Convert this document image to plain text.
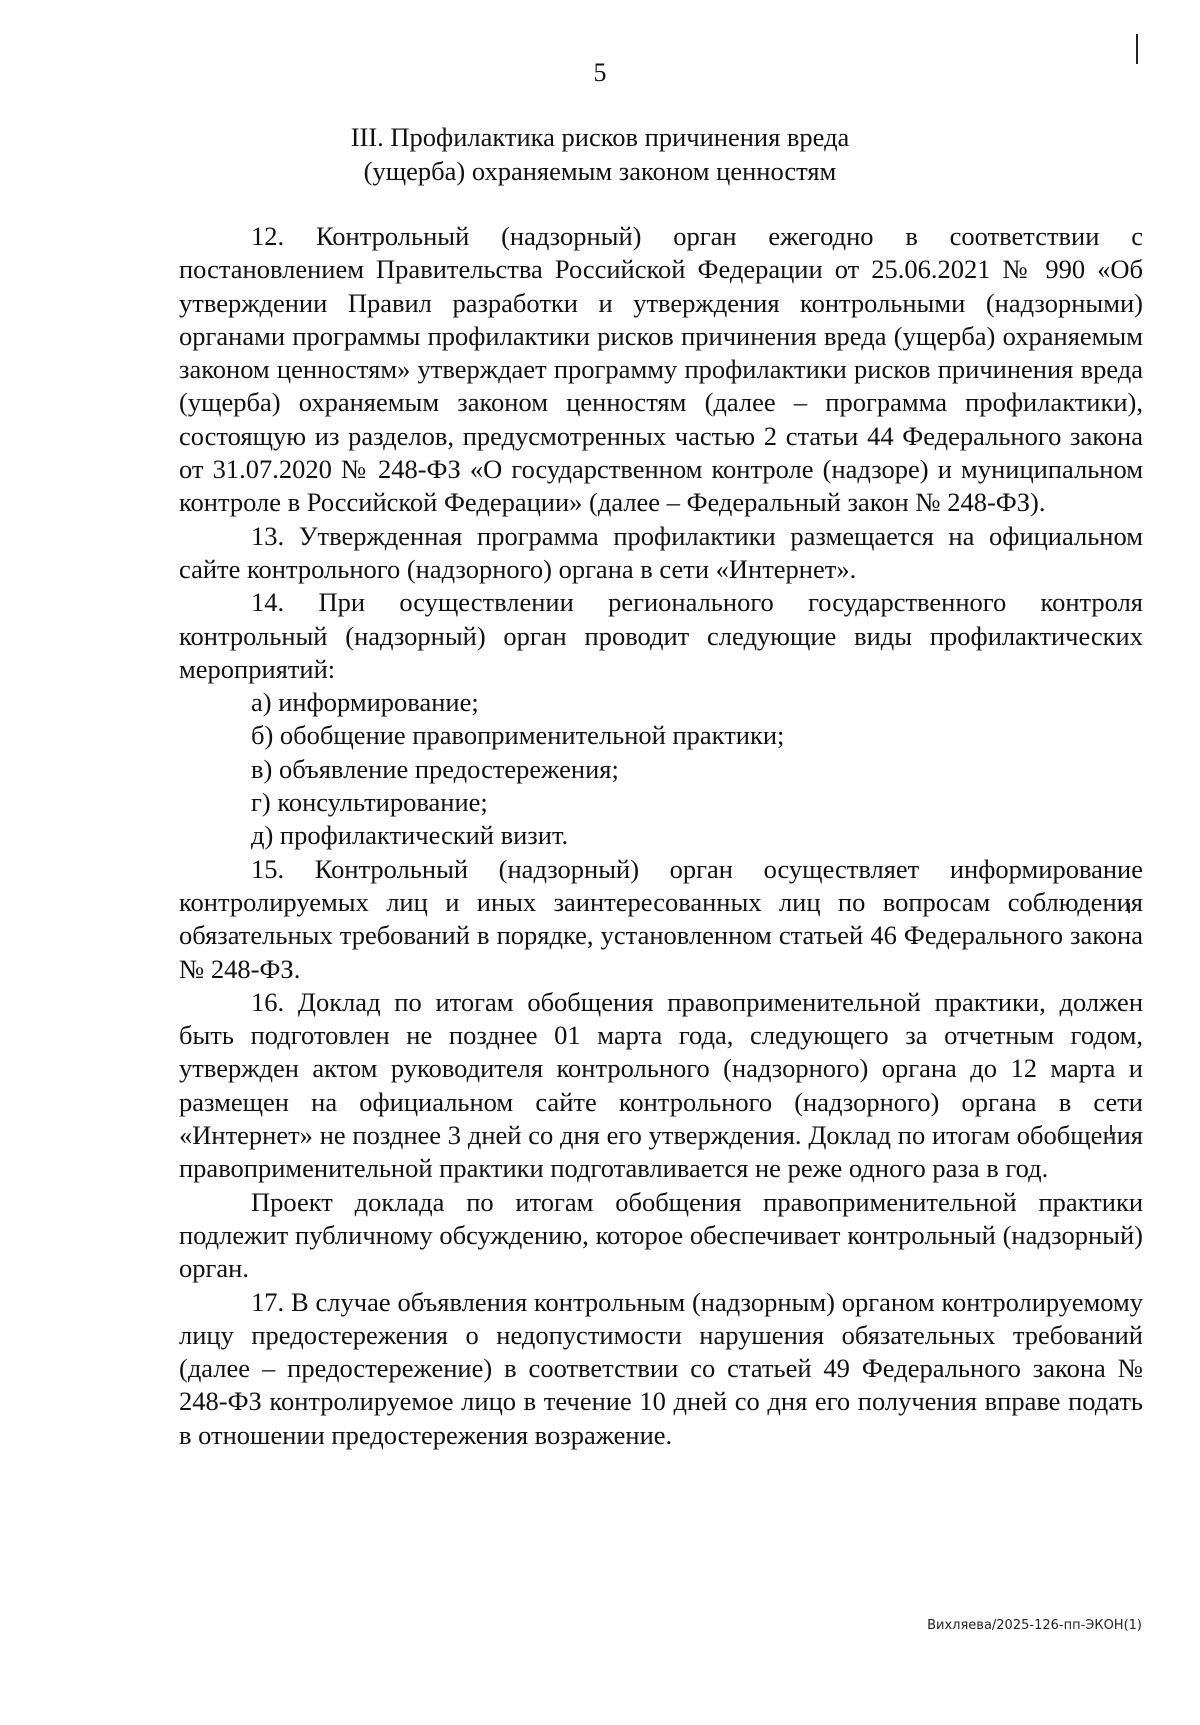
5
III. Профилактика рисков причинения вреда
(ущерба) охраняемым законом ценностям

12. Контрольный (надзорный) орган ежегодно в соответствии с постановлением Правительства Российской Федерации от 25.06.2021 № 990 «Об утверждении Правил разработки и утверждения контрольными (надзорными) органами программы профилактики рисков причинения вреда (ущерба) охраняемым законом ценностям» утверждает программу профилактики рисков причинения вреда (ущерба) охраняемым законом ценностям (далее – программа профилактики), состоящую из разделов, предусмотренных частью 2 статьи 44 Федерального закона от 31.07.2020 № 248-ФЗ «О государственном контроле (надзоре) и муниципальном контроле в Российской Федерации» (далее – Федеральный закон № 248-ФЗ).

13. Утвержденная программа профилактики размещается на официальном сайте контрольного (надзорного) органа в сети «Интернет».

14. При осуществлении регионального государственного контроля контрольный (надзорный) орган проводит следующие виды профилактических мероприятий:

а) информирование;

б) обобщение правоприменительной практики;

в) объявление предостережения;

г) консультирование;

д) профилактический визит.

15. Контрольный (надзорный) орган осуществляет информирование контролируемых лиц и иных заинтересованных лиц по вопросам соблюдения обязательных требований в порядке, установленном статьей 46 Федерального закона № 248-ФЗ.

16. Доклад по итогам обобщения правоприменительной практики, должен быть подготовлен не позднее 01 марта года, следующего за отчетным годом, утвержден актом руководителя контрольного (надзорного) органа до 12 марта и размещен на официальном сайте контрольного (надзорного) органа в сети «Интернет» не позднее 3 дней со дня его утверждения. Доклад по итогам обобщения правоприменительной практики подготавливается не реже одного раза в год.

Проект доклада по итогам обобщения правоприменительной практики подлежит публичному обсуждению, которое обеспечивает контрольный (надзорный) орган.

17. В случае объявления контрольным (надзорным) органом контролируемому лицу предостережения о недопустимости нарушения обязательных требований (далее – предостережение) в соответствии со статьей 49 Федерального закона № 248-ФЗ контролируемое лицо в течение 10 дней со дня его получения вправе подать в отношении предостережения возражение.

Вихляева/2025-126-пп-ЭКОН(1)
